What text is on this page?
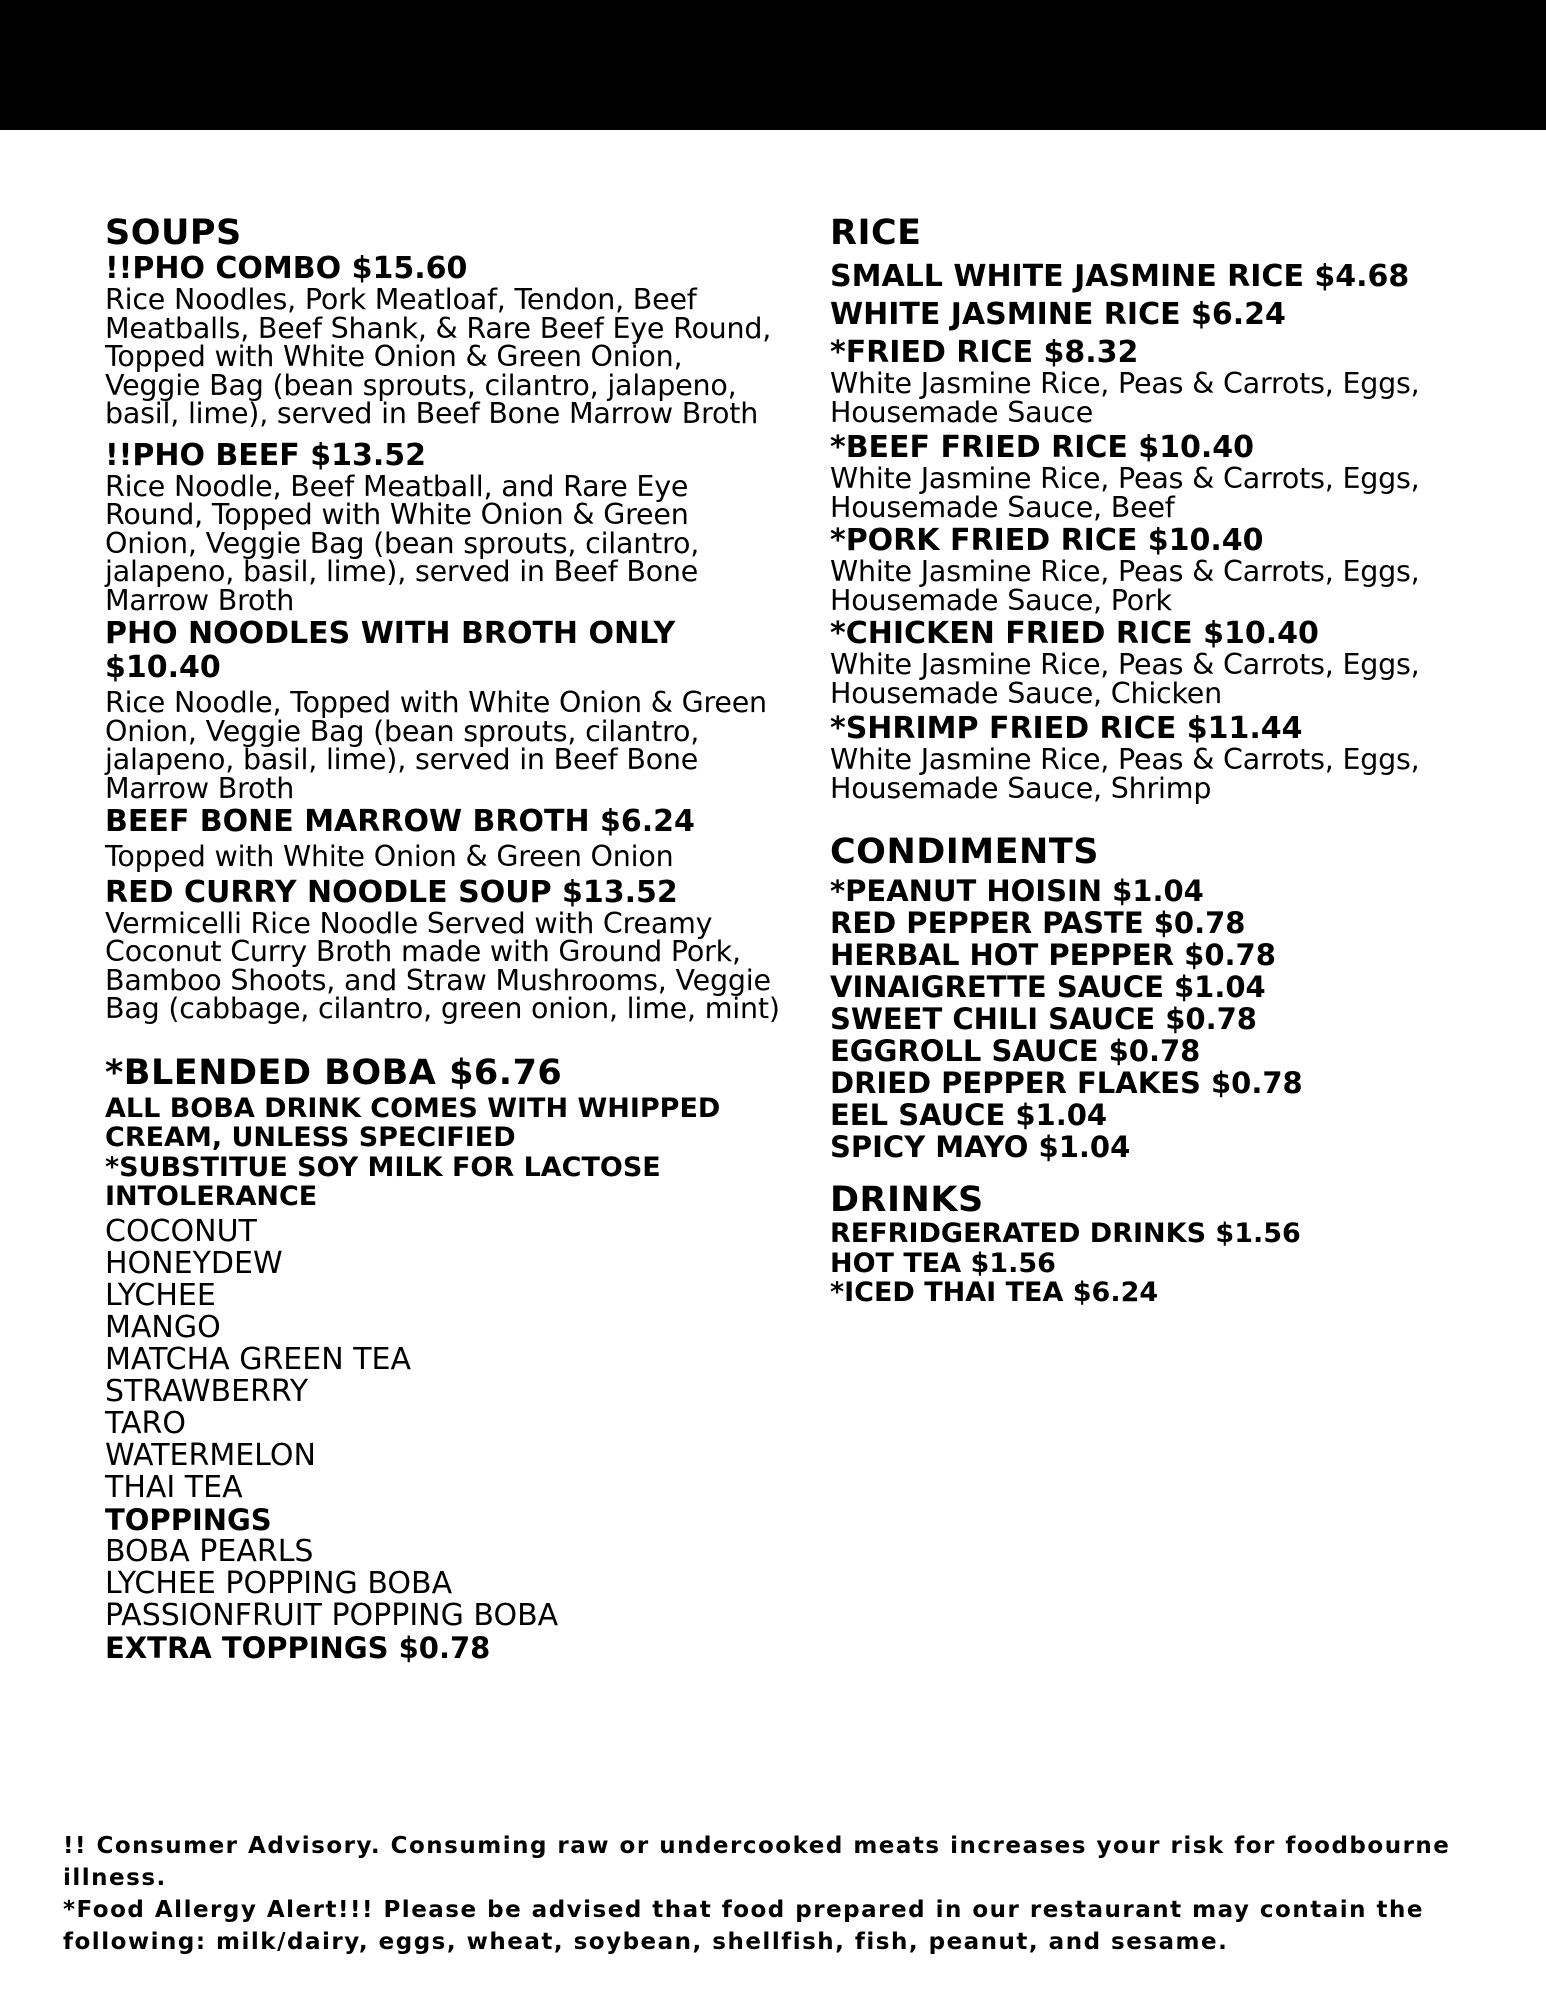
SOUPS
!!PHO COMBO $15.60

Rice Noodles, Pork Meatloaf, Tendon, Beef Meatballs, Beef Shank, & Rare Beef Eye Round, Topped with White Onion & Green Onion, Veggie Bag (bean sprouts, cilantro, jalapeno, basil, lime), served in Beef Bone Marrow Broth

!!PHO BEEF $13.52

Rice Noodle, Beef Meatball, and Rare Eye Round, Topped with White Onion & Green Onion, Veggie Bag (bean sprouts, cilantro, jalapeno, basil, lime), served in Beef Bone Marrow Broth

PHO NOODLES WITH BROTH ONLY $10.40

Rice Noodle, Topped with White Onion & Green Onion, Veggie Bag (bean sprouts, cilantro, jalapeno, basil, lime), served in Beef Bone Marrow Broth

BEEF BONE MARROW BROTH $6.24

Topped with White Onion & Green Onion

RED CURRY NOODLE SOUP $13.52

Vermicelli Rice Noodle Served with Creamy Coconut Curry Broth made with Ground Pork, Bamboo Shoots, and Straw Mushrooms, Veggie Bag (cabbage, cilantro, green onion, lime, mint)

*BLENDED BOBA $6.76
ALL BOBA DRINK COMES WITH WHIPPED CREAM, UNLESS SPECIFIED
*SUBSTITUE SOY MILK FOR LACTOSE INTOLERANCE
COCONUT
HONEYDEW
LYCHEE
MANGO
MATCHA GREEN TEA
STRAWBERRY
TARO
WATERMELON
THAI TEA
TOPPINGS
BOBA PEARLS
LYCHEE POPPING BOBA
PASSIONFRUIT POPPING BOBA
EXTRA TOPPINGS $0.78
RICE
SMALL WHITE JASMINE RICE $4.68
WHITE JASMINE RICE $6.24
*FRIED RICE $8.32

White Jasmine Rice, Peas & Carrots, Eggs, Housemade Sauce

*BEEF FRIED RICE $10.40

White Jasmine Rice, Peas & Carrots, Eggs, Housemade Sauce, Beef

*PORK FRIED RICE $10.40

White Jasmine Rice, Peas & Carrots, Eggs, Housemade Sauce, Pork

*CHICKEN FRIED RICE $10.40

White Jasmine Rice, Peas & Carrots, Eggs, Housemade Sauce, Chicken

*SHRIMP FRIED RICE $11.44

White Jasmine Rice, Peas & Carrots, Eggs, Housemade Sauce, Shrimp

CONDIMENTS
*PEANUT HOISIN $1.04
RED PEPPER PASTE $0.78
HERBAL HOT PEPPER $0.78
VINAIGRETTE SAUCE $1.04
SWEET CHILI SAUCE $0.78
EGGROLL SAUCE $0.78
DRIED PEPPER FLAKES $0.78
EEL SAUCE $1.04
SPICY MAYO $1.04
DRINKS
REFRIDGERATED DRINKS $1.56
HOT TEA $1.56
*ICED THAI TEA $6.24

!! Consumer Advisory. Consuming raw or undercooked meats increases your risk for foodbourne illness.

*Food Allergy Alert!!! Please be advised that food prepared in our restaurant may contain the following: milk/dairy, eggs, wheat, soybean, shellfish, fish, peanut, and sesame.
